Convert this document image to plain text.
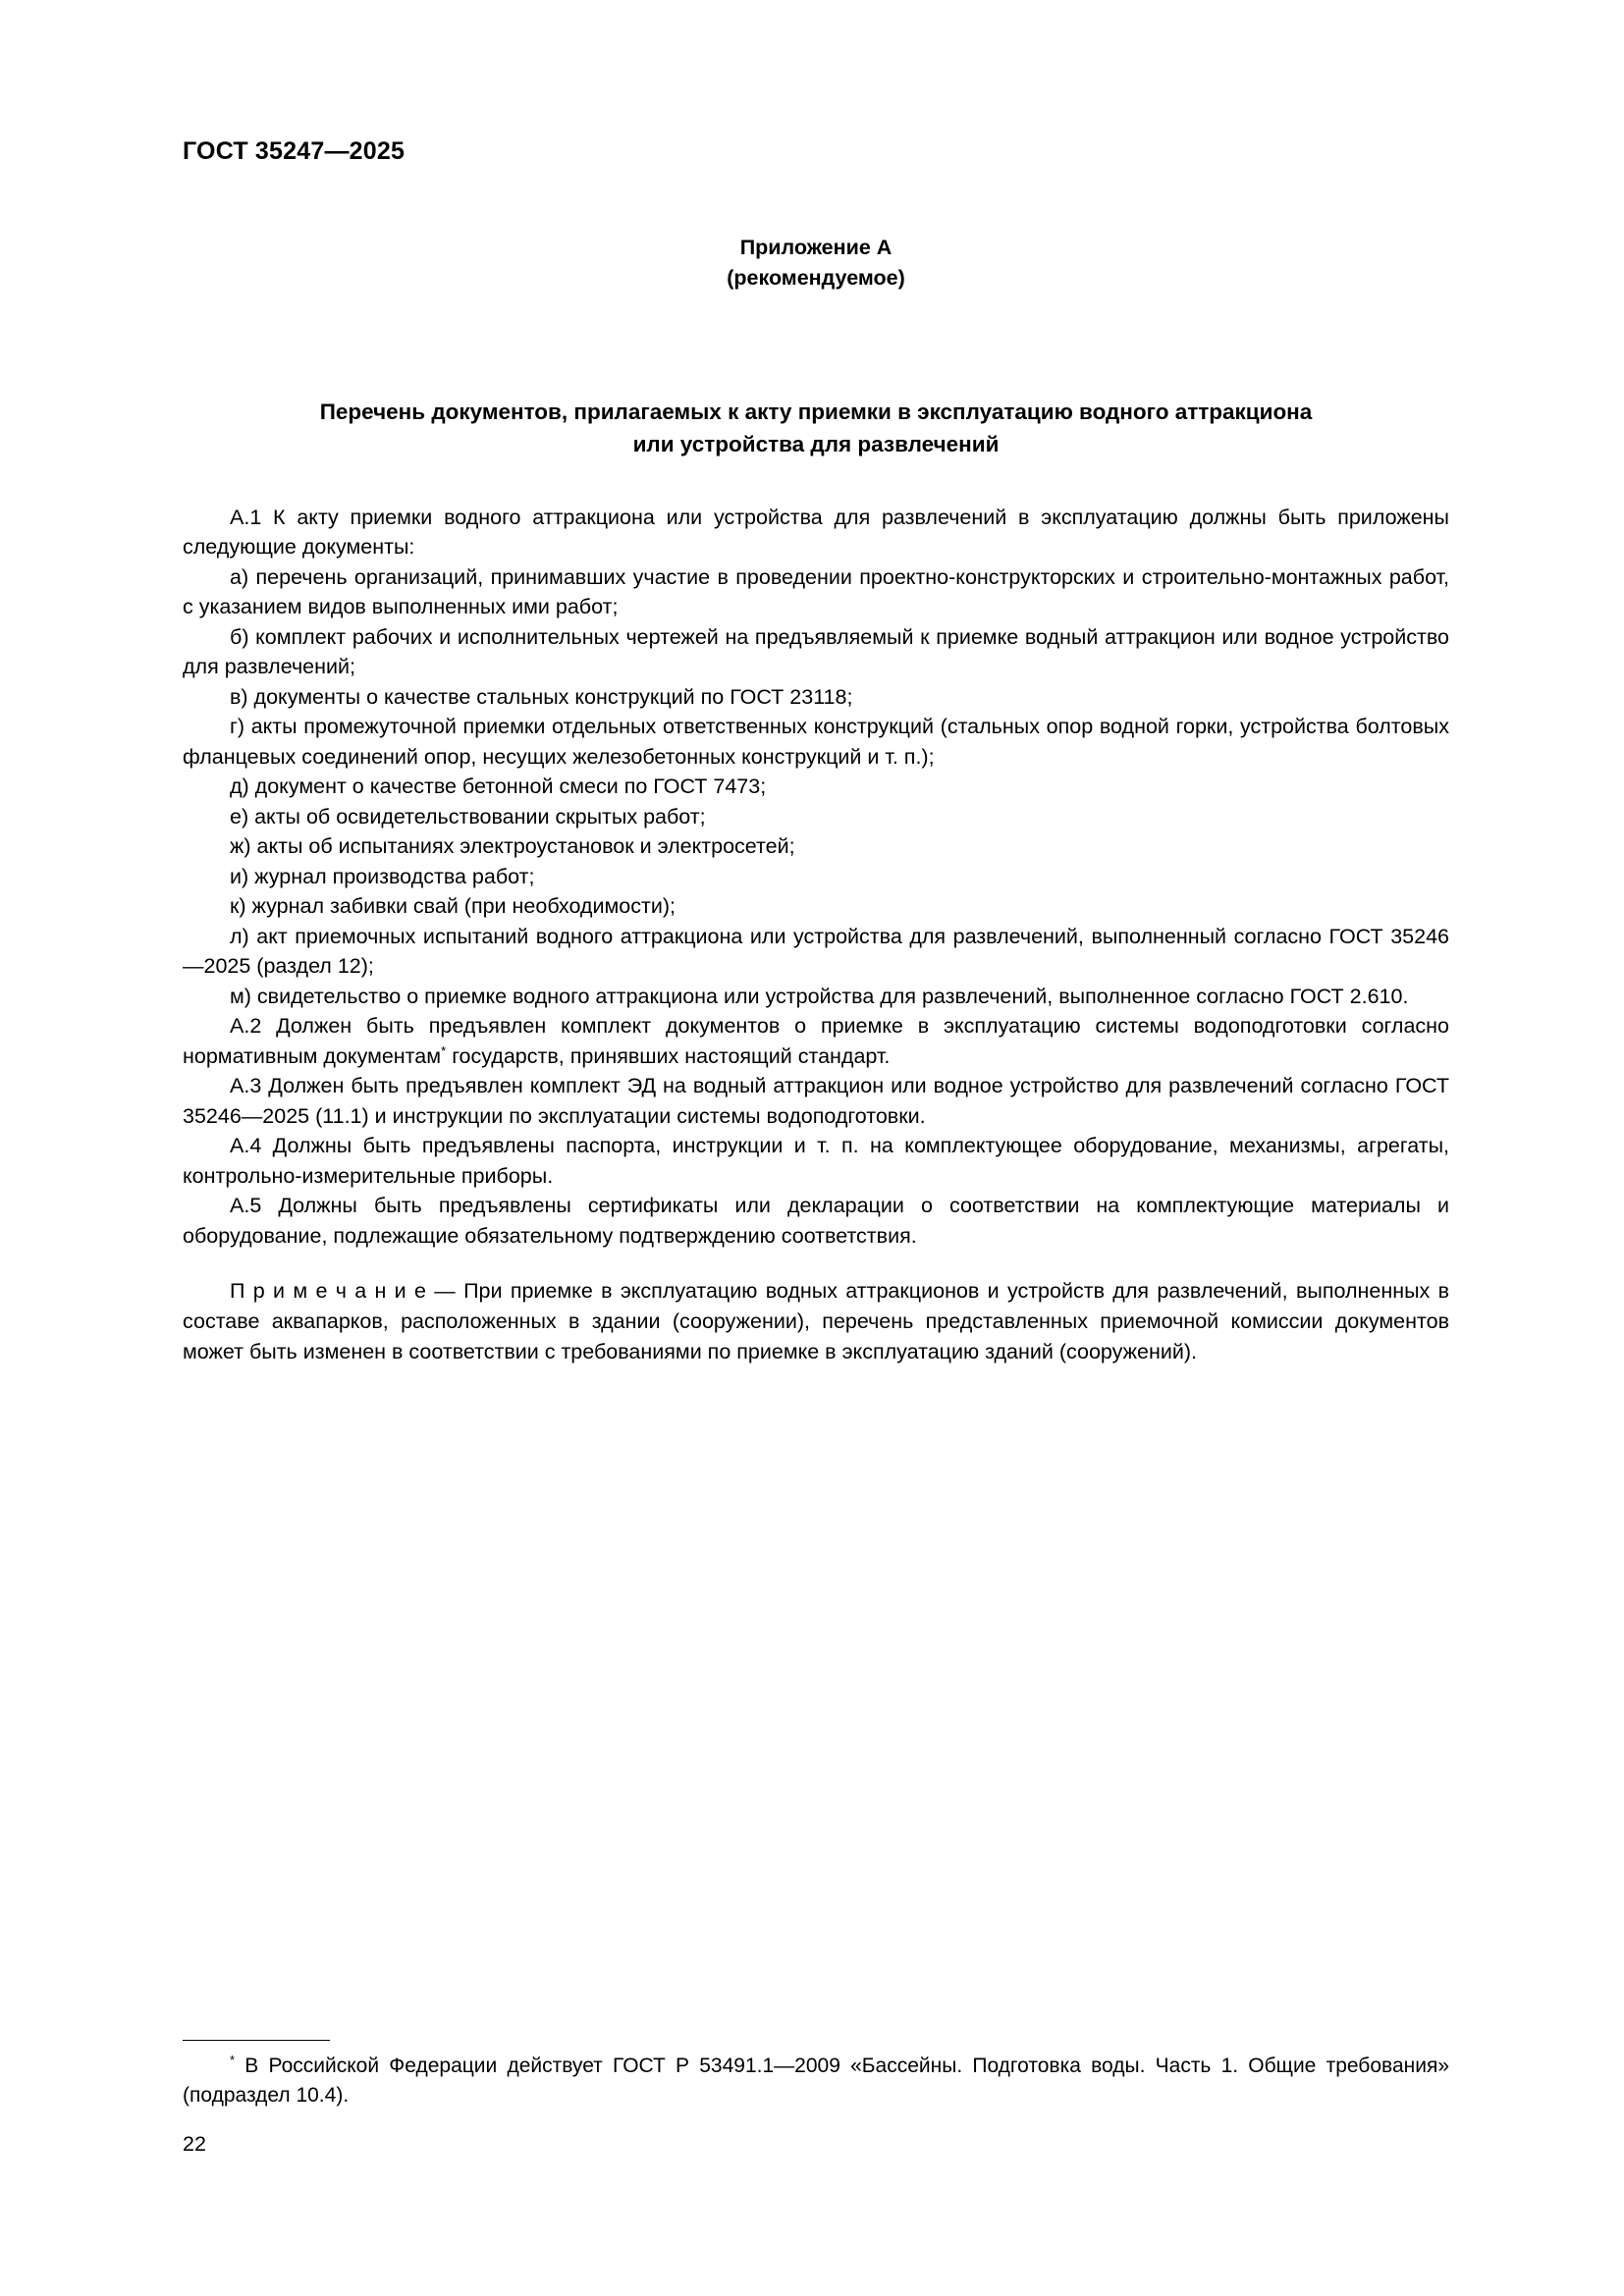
ГОСТ 35247—2025
Приложение А
(рекомендуемое)
Перечень документов, прилагаемых к акту приемки в эксплуатацию водного аттракциона
или устройства для развлечений

А.1 К акту приемки водного аттракциона или устройства для развлечений в эксплуатацию должны быть приложены следующие документы:

а) перечень организаций, принимавших участие в проведении проектно-конструкторских и строительно-монтажных работ, с указанием видов выполненных ими работ;

б) комплект рабочих и исполнительных чертежей на предъявляемый к приемке водный аттракцион или водное устройство для развлечений;

в) документы о качестве стальных конструкций по ГОСТ 23118;

г) акты промежуточной приемки отдельных ответственных конструкций (стальных опор водной горки, устройства болтовых фланцевых соединений опор, несущих железобетонных конструкций и т. п.);

д) документ о качестве бетонной смеси по ГОСТ 7473;

е) акты об освидетельствовании скрытых работ;

ж) акты об испытаниях электроустановок и электросетей;

и) журнал производства работ;

к) журнал забивки свай (при необходимости);

л) акт приемочных испытаний водного аттракциона или устройства для развлечений, выполненный согласно ГОСТ 35246—2025 (раздел 12);

м) свидетельство о приемке водного аттракциона или устройства для развлечений, выполненное согласно ГОСТ 2.610.

А.2 Должен быть предъявлен комплект документов о приемке в эксплуатацию системы водоподготовки согласно нормативным документам* государств, принявших настоящий стандарт.

А.3 Должен быть предъявлен комплект ЭД на водный аттракцион или водное устройство для развлечений согласно ГОСТ 35246—2025 (11.1) и инструкции по эксплуатации системы водоподготовки.

А.4 Должны быть предъявлены паспорта, инструкции и т. п. на комплектующее оборудование, механизмы, агрегаты, контрольно-измерительные приборы.

А.5 Должны быть предъявлены сертификаты или декларации о соответствии на комплектующие материалы и оборудование, подлежащие обязательному подтверждению соответствия.

П р и м е ч а н и е — При приемке в эксплуатацию водных аттракционов и устройств для развлечений, выполненных в составе аквапарков, расположенных в здании (сооружении), перечень представленных приемочной комиссии документов может быть изменен в соответствии с требованиями по приемке в эксплуатацию зданий (сооружений).
* В Российской Федерации действует ГОСТ Р 53491.1—2009 «Бассейны. Подготовка воды. Часть 1. Общие требования» (подраздел 10.4).
22
